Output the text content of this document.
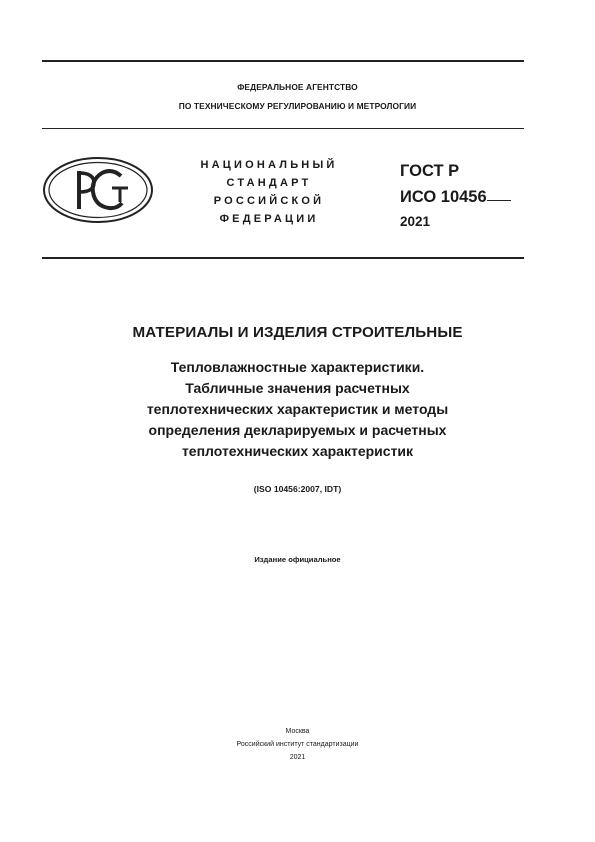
ФЕДЕРАЛЬНОЕ АГЕНТСТВО
ПО ТЕХНИЧЕСКОМУ РЕГУЛИРОВАНИЮ И МЕТРОЛОГИИ
НАЦИОНАЛЬНЫЙ
СТАНДАРТ
РОССИЙСКОЙ
ФЕДЕРАЦИИ
ГОСТ Р
ИСО 10456
2021
МАТЕРИАЛЫ И ИЗДЕЛИЯ СТРОИТЕЛЬНЫЕ
Тепловлажностные характеристики.
Табличные значения расчетных
теплотехнических характеристик и методы
определения декларируемых и расчетных
теплотехнических характеристик
(ISO 10456:2007, IDT)
Издание официальное
Москва
Российский институт стандартизации
2021
